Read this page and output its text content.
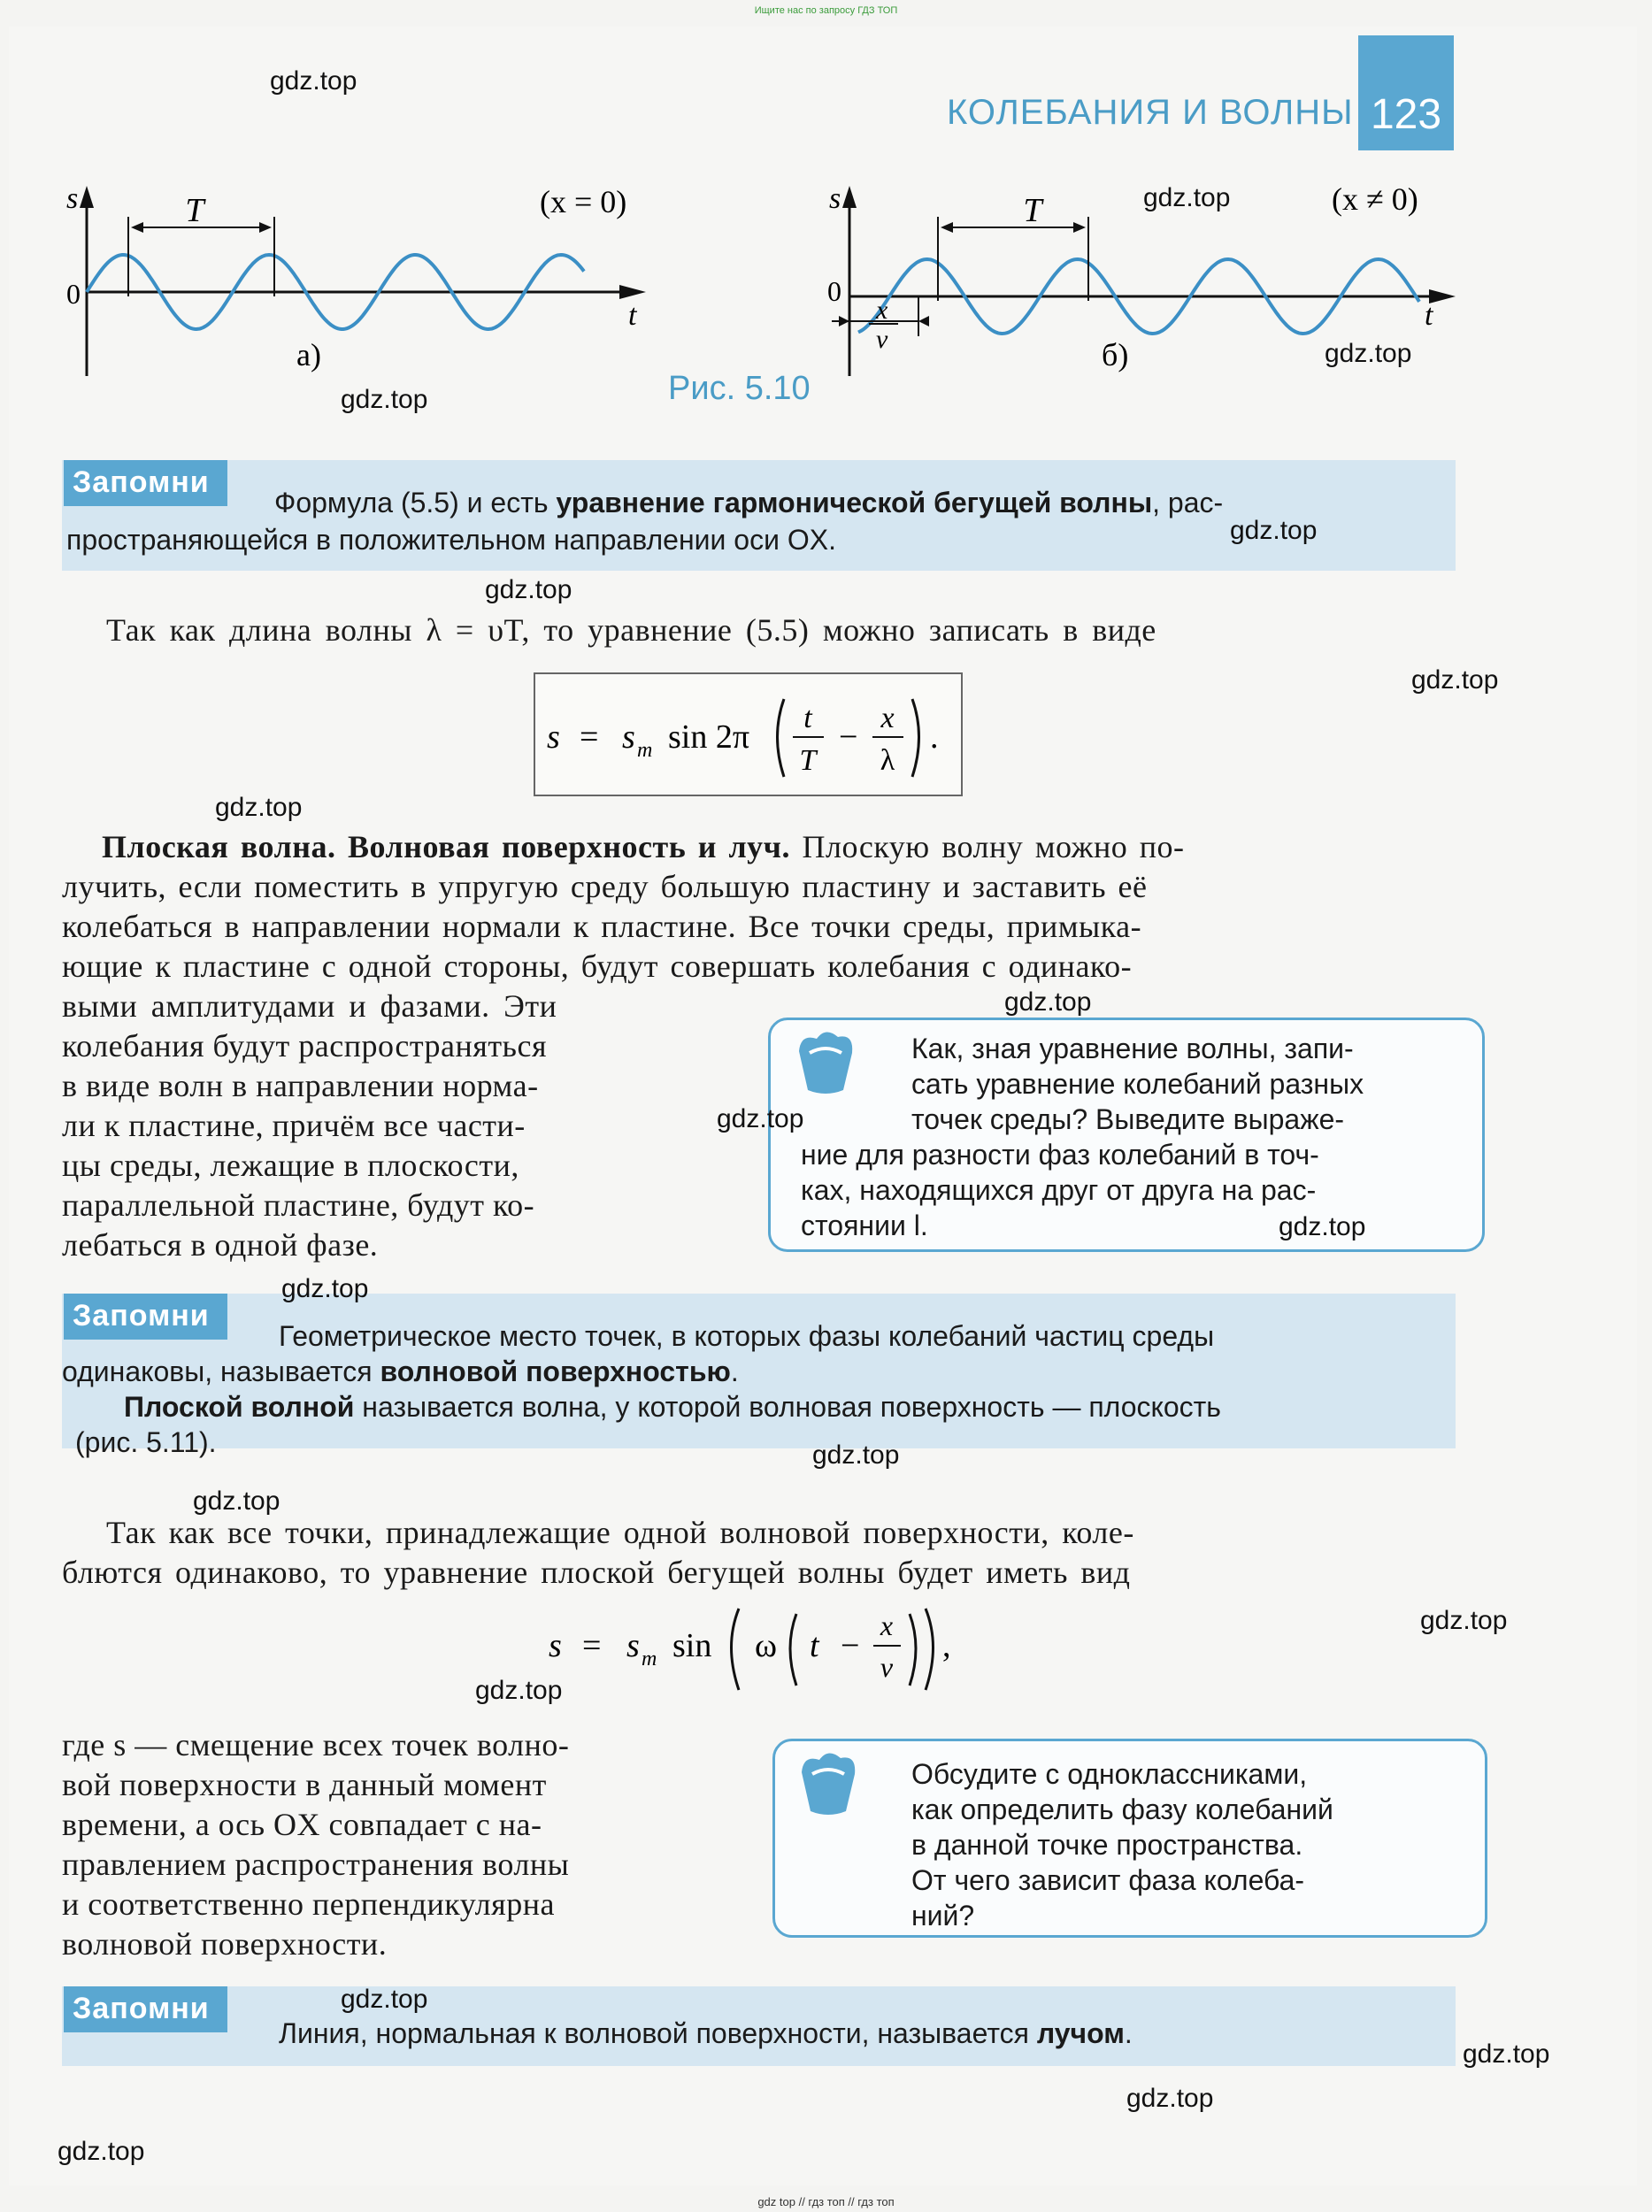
Ищите нас по запросу ГДЗ ТОП
123
КОЛЕБАНИЯ И ВОЛНЫ
T
s
0
t
(x = 0)
а)
T
s
0
t
(x ≠ 0)
б)
x
v
Рис. 5.10
Запомни
Формула (5.5) и есть уравнение гармонической бегущей волны, рас-
пространяющейся в положительном направлении оси OX.
Так как длина волны λ = υT, то уравнение (5.5) можно записать в виде
s = s m sin 2π
t
T
−
x
λ
.
Плоская волна. Волновая поверхность и луч. Плоскую волну можно по-
лучить, если поместить в упругую среду большую пластину и заставить её
колебаться в направлении нормали к пластине. Все точки среды, примыка-
ющие к пластине с одной стороны, будут совершать колебания с одинако-
выми амплитудами и фазами. Эти
колебания будут распространяться
в виде волн в направлении норма-
ли к пластине, причём все части-
цы среды, лежащие в плоскости,
параллельной пластине, будут ко-
лебаться в одной фазе.
Как, зная уравнение волны, запи-
сать уравнение колебаний разных
точек среды? Выведите выраже-
ние для разности фаз колебаний в точ-
ках, находящихся друг от друга на рас-
стоянии l.
Запомни
Геометрическое место точек, в которых фазы колебаний частиц среды
одинаковы, называется волновой поверхностью.
Плоской волной называется волна, у которой волновая поверхность — плоскость
(рис. 5.11).
Так как все точки, принадлежащие одной волновой поверхности, коле-
блются одинаково, то уравнение плоской бегущей волны будет иметь вид
s = s m sin ω t −
x
v
,
где s — смещение всех точек волно-
вой поверхности в данный момент
времени, а ось OX совпадает с на-
правлением распространения волны
и соответственно перпендикулярна
волновой поверхности.
Обсудите с одноклассниками,
как определить фазу колебаний
в данной точке пространства.
От чего зависит фаза колеба-
ний?
Запомни
Линия, нормальная к волновой поверхности, называется лучом.
gdz.top
gdz.top
gdz.top
gdz.top
gdz.top
gdz.top
gdz.top
gdz.top
gdz.top
gdz.top
gdz.top
gdz.top
gdz.top
gdz.top
gdz.top
gdz.top
gdz.top
gdz.top
gdz.top
gdz.top
gdz top // гдз топ // гдз топ
